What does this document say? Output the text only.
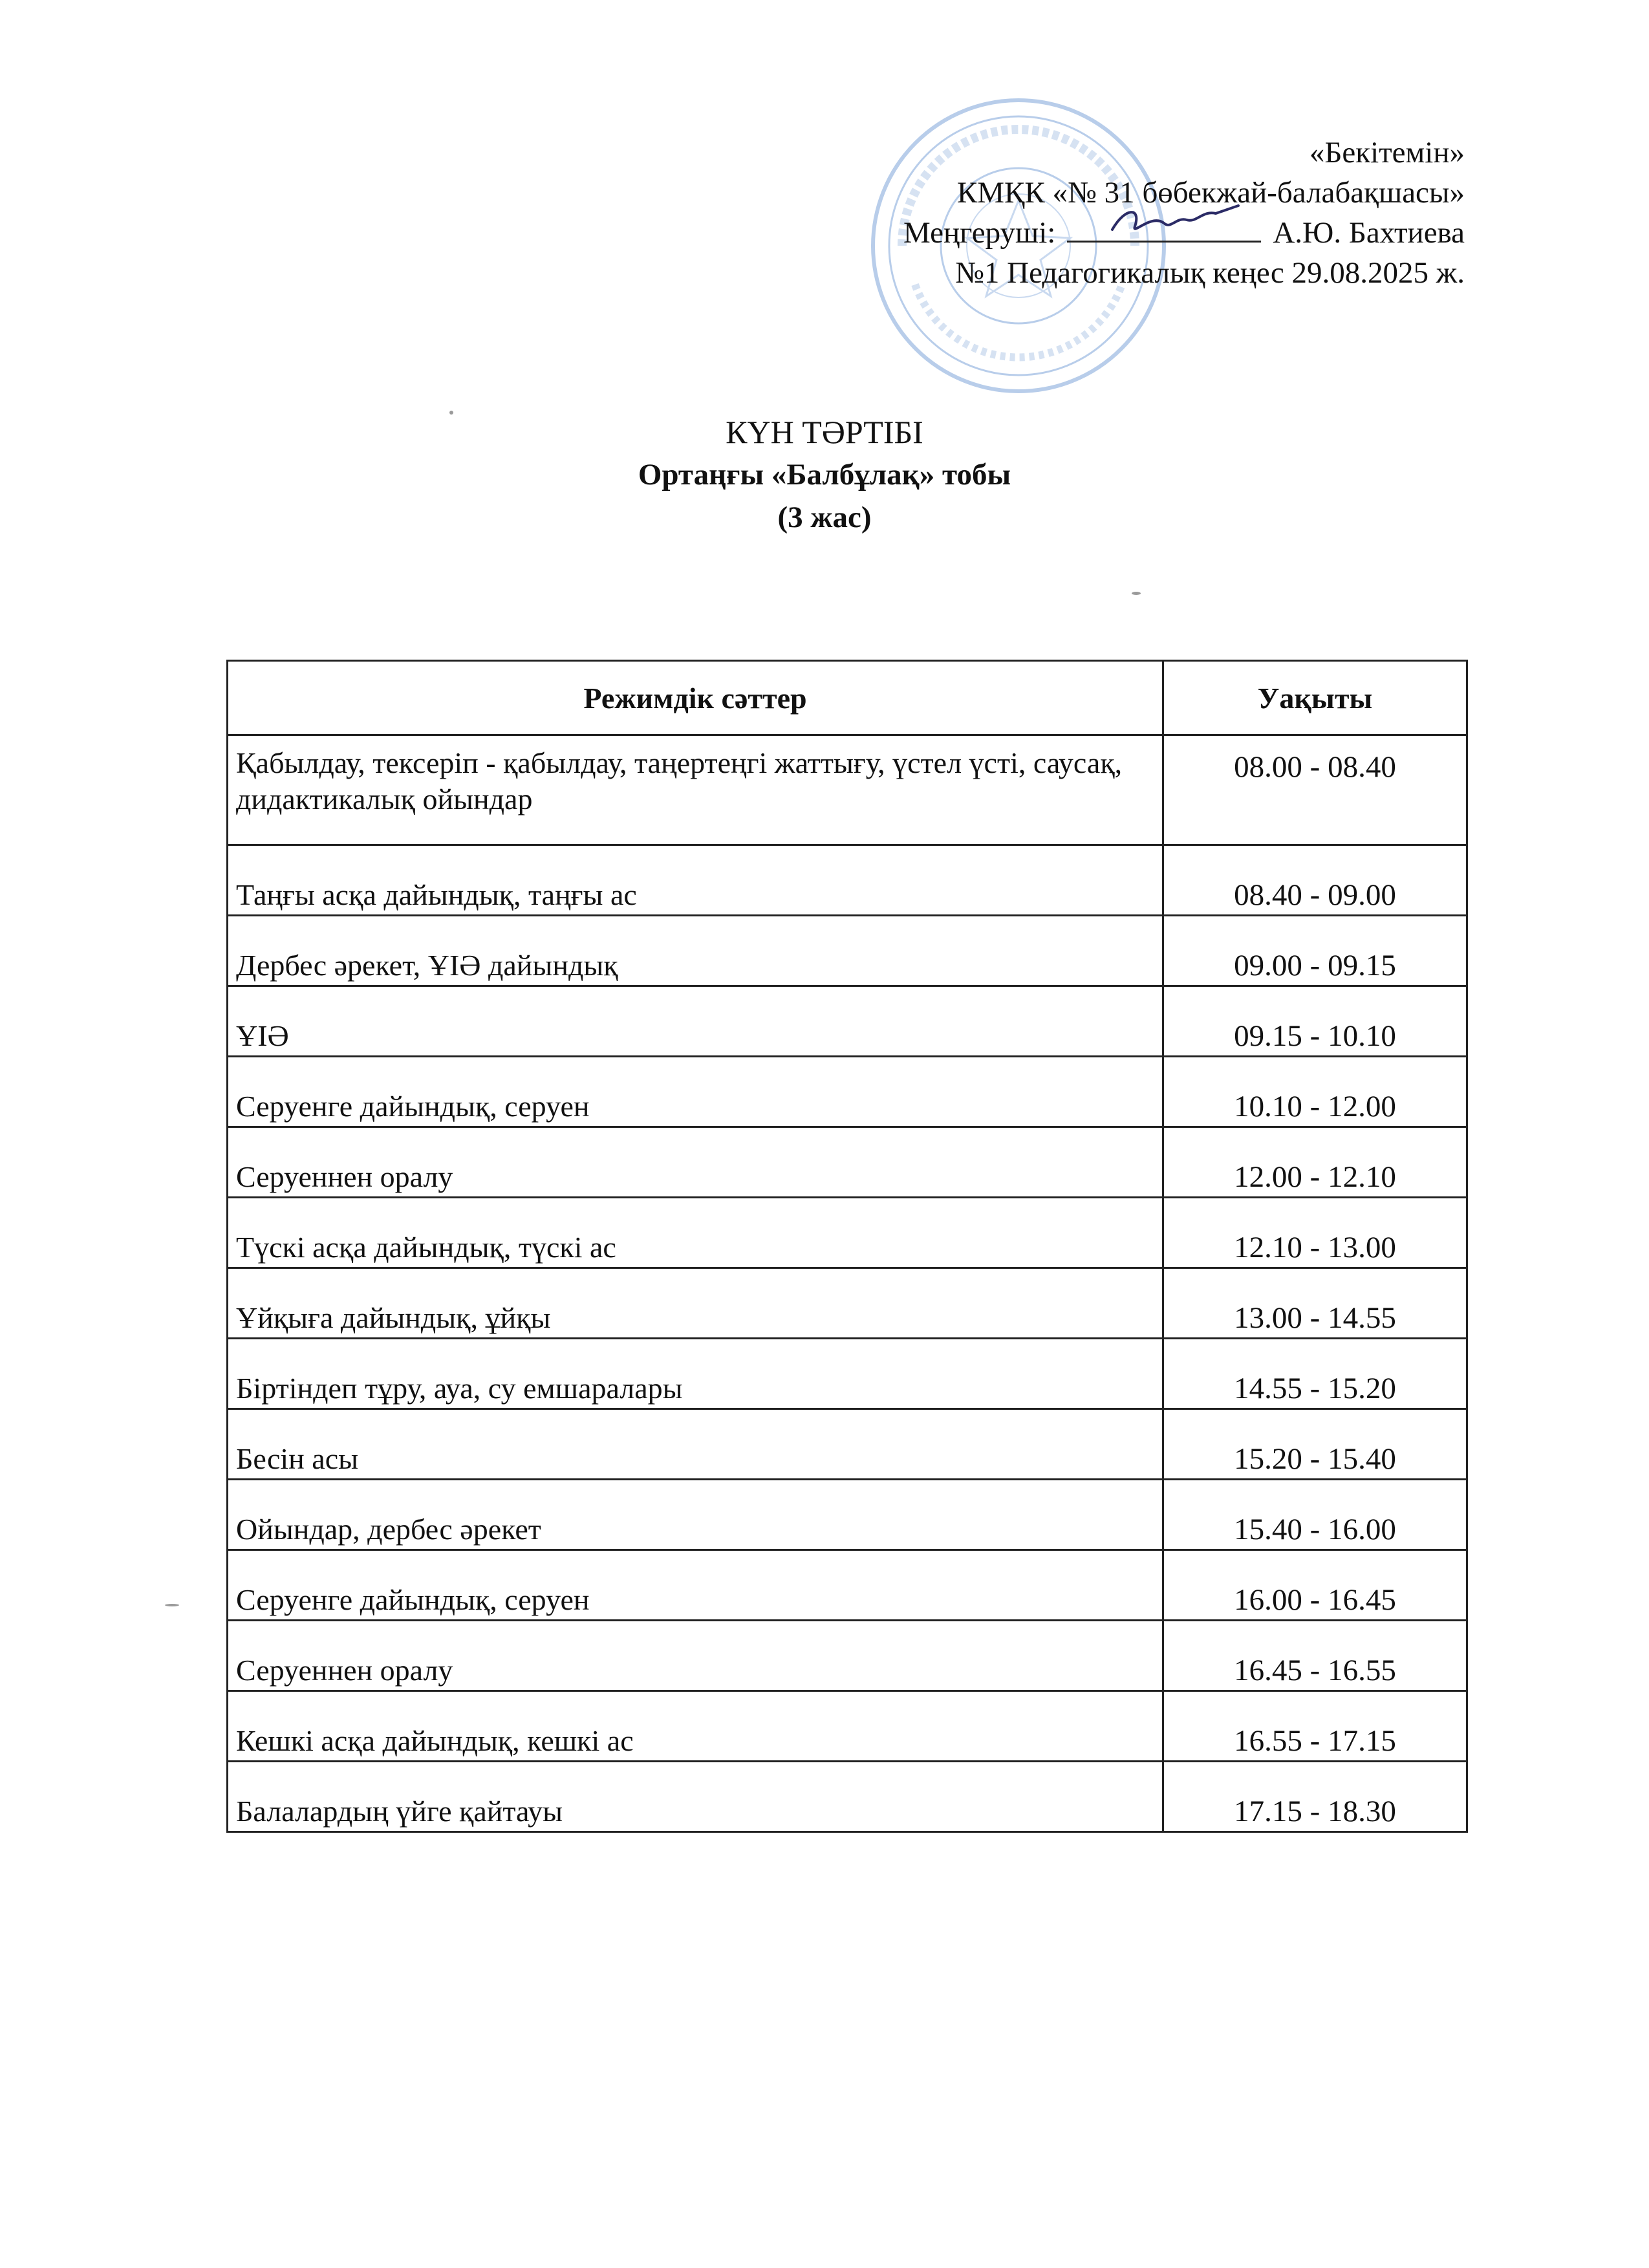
«Бекітемін»
КМҚК «№ 31 бөбекжай-балабақшасы»
Меңгеруші:	А.Ю. Бахтиева
№1 Педагогикалық кеңес 29.08.2025 ж.
КҮН ТӘРТІБІ
Ортаңғы «Балбұлақ» тобы
(3 жас)
Режимдік сәттер	Уақыты
Қабылдау, тексеріп - қабылдау, таңертеңгі жаттығу, үстел үсті, саусақ, дидактикалық ойындар	08.00 - 08.40
Таңғы асқа дайындық, таңғы ас	08.40 - 09.00
Дербес әрекет, ҰІӘ дайындық	09.00 - 09.15
ҰІӘ	09.15 - 10.10
Серуенге дайындық, серуен	10.10 - 12.00
Серуеннен оралу	12.00 - 12.10
Түскі асқа дайындық, түскі ас	12.10 - 13.00
Ұйқыға дайындық, ұйқы	13.00 - 14.55
Біртіндеп тұру, ауа, су емшаралары	14.55 - 15.20
Бесін асы	15.20 - 15.40
Ойындар, дербес әрекет	15.40 - 16.00
Серуенге дайындық, серуен	16.00 - 16.45
Серуеннен оралу	16.45 - 16.55
Кешкі асқа дайындық, кешкі ас	16.55 - 17.15
Балалардың үйге қайтауы	17.15 - 18.30
